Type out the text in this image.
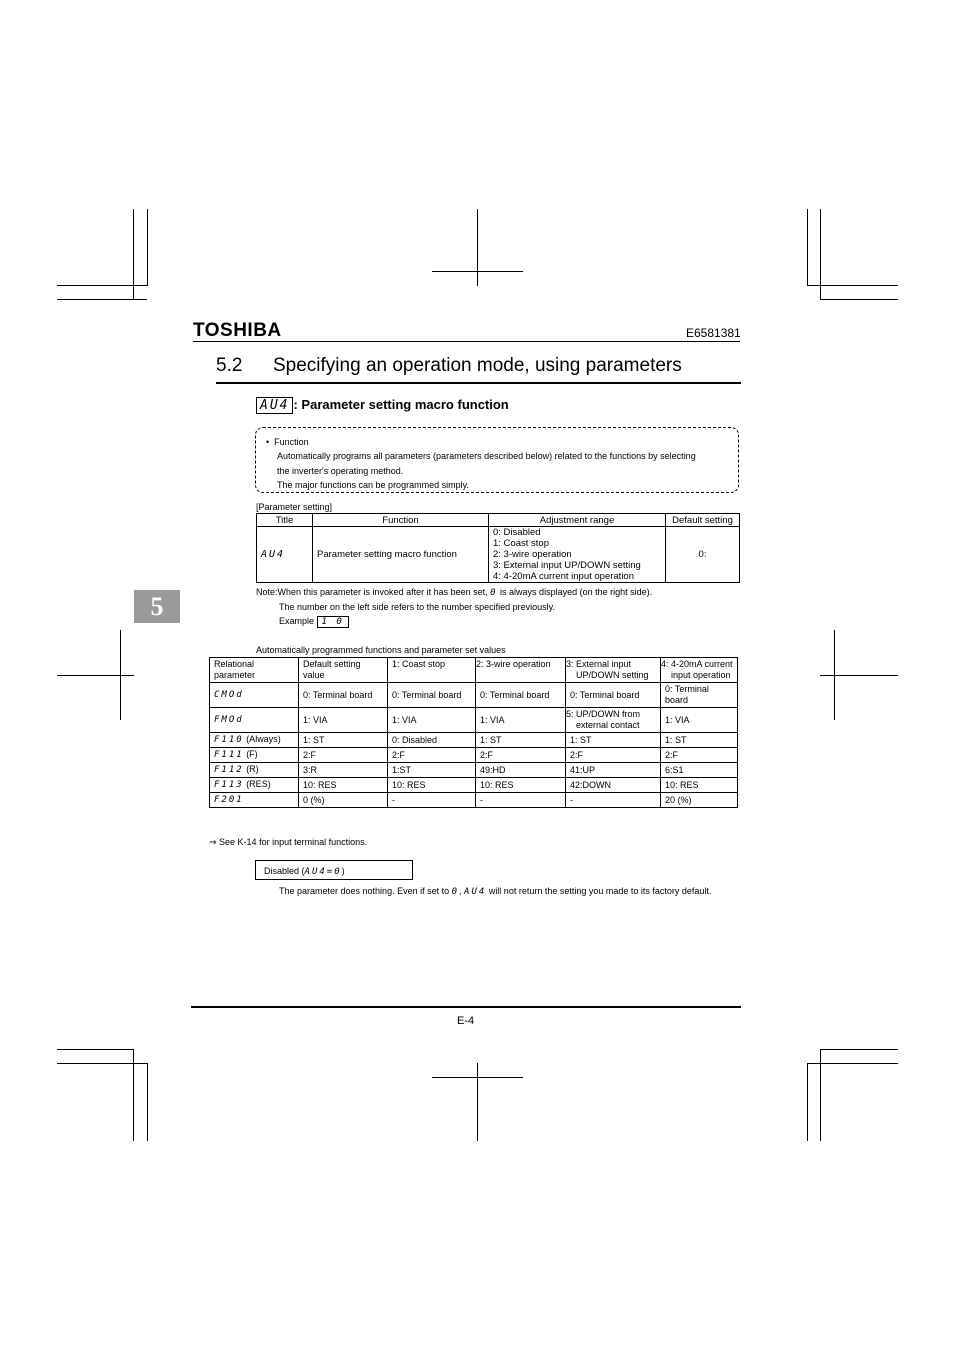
TOSHIBA	E6581381
5.2 Specifying an operation mode, using parameters
AU4 : Parameter setting macro function
•  Function
Automatically programs all parameters (parameters described below) related to the functions by selecting
the inverter's operating method.
The major functions can be programmed simply.
[Parameter setting]
Title	Function	Adjustment range	Default setting
AU4	Parameter setting macro function	0: Disabled
1: Coast stop
2: 3-wire operation
3: External input UP/DOWN setting
4: 4-20mA current input operation	0:
Note:When this parameter is invoked after it has been set, 0 is always displayed (on the right side).
The number on the left side refers to the number specified previously.
Example 1 0
5
Automatically programmed functions and parameter set values
Relational parameter	Default setting value	1: Coast stop	2: 3-wire operation	3: External input UP/DOWN setting	4: 4-20mA current input operation
CMOd	0: Terminal board	0: Terminal board	0: Terminal board	0: Terminal board	0: Terminal board
FMOd	1: VIA	1: VIA	1: VIA	5: UP/DOWN from external contact	1: VIA
F110 (Always)	1: ST	0: Disabled	1: ST	1: ST	1: ST
F111 (F)	2:F	2:F	2:F	2:F	2:F
F112 (R)	3:R	1:ST	49:HD	41:UP	6:S1
F113 (RES)	10: RES	10: RES	10: RES	42:DOWN	10: RES
F201	0 (%)	-	-	-	20 (%)
⇒ See K-14 for input terminal functions.
Disabled (AU4=0)
The parameter does nothing. Even if set to 0, AU4 will not return the setting you made to its factory default.
E-4
